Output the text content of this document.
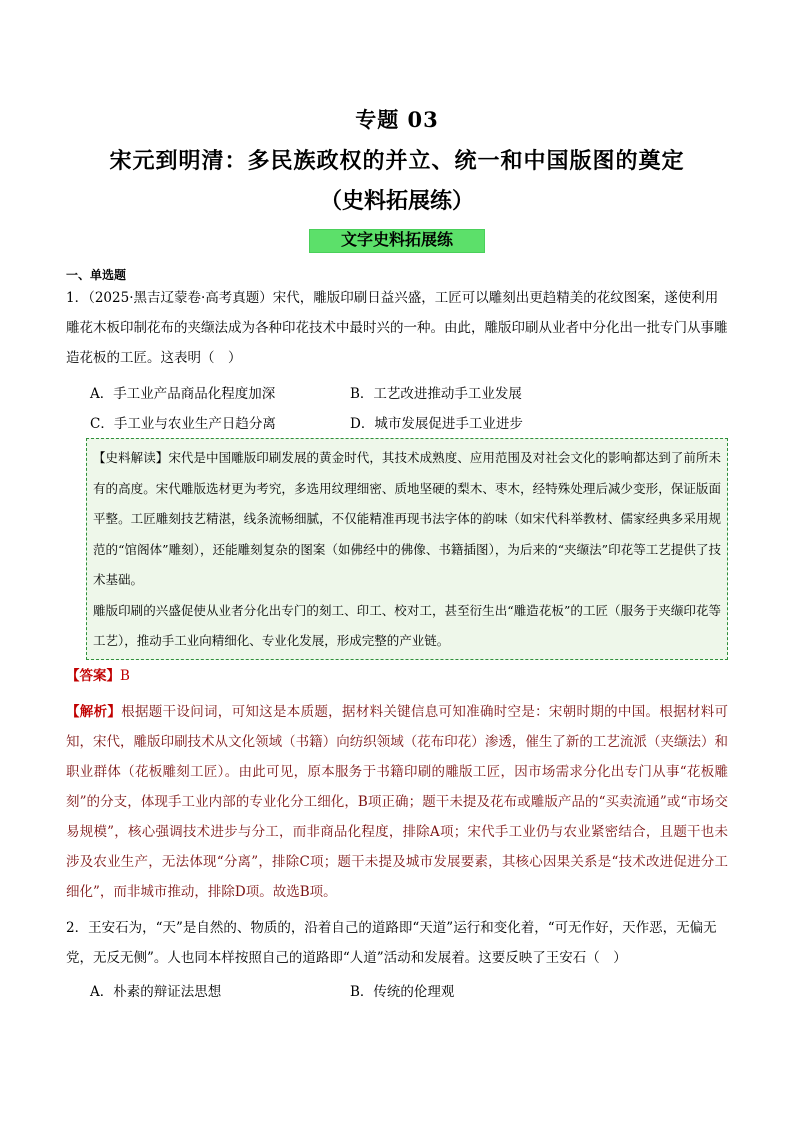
专题 03
宋元到明清：多民族政权的并立、统一和中国版图的奠定
（史料拓展练）
文字史料拓展练
一、单选题

1．（2025·黑吉辽蒙卷·高考真题）宋代，雕版印刷日益兴盛，工匠可以雕刻出更趋精美的花纹图案，遂使利用雕花木板印制花布的夹缬法成为各种印花技术中最时兴的一种。由此，雕版印刷从业者中分化出一批专门从事雕造花板的工匠。这表明（　）

A．手工业产品商品化程度加深	B．工艺改进推动手工业发展
C．手工业与农业生产日趋分离	D．城市发展促进手工业进步

【史料解读】宋代是中国雕版印刷发展的黄金时代，其技术成熟度、应用范围及对社会文化的影响都达到了前所未有的高度。宋代雕版选材更为考究，多选用纹理细密、质地坚硬的梨木、枣木，经特殊处理后减少变形，保证版面平整。工匠雕刻技艺精湛，线条流畅细腻，不仅能精准再现书法字体的韵味（如宋代科举教材、儒家经典多采用规范的“馆阁体”雕刻），还能雕刻复杂的图案（如佛经中的佛像、书籍插图），为后来的“夹缬法”印花等工艺提供了技术基础。

雕版印刷的兴盛促使从业者分化出专门的刻工、印工、校对工，甚至衍生出“雕造花板”的工匠（服务于夹缬印花等工艺），推动手工业向精细化、专业化发展，形成完整的产业链。

【答案】B

【解析】根据题干设问词，可知这是本质题，据材料关键信息可知准确时空是：宋朝时期的中国。根据材料可知，宋代，雕版印刷技术从文化领域（书籍）向纺织领域（花布印花）渗透，催生了新的工艺流派（夹缬法）和职业群体（花板雕刻工匠）。由此可见，原本服务于书籍印刷的雕版工匠，因市场需求分化出专门从事“花板雕刻”的分支，体现手工业内部的专业化分工细化，B项正确；题干未提及花布或雕版产品的“买卖流通”或“市场交易规模”，核心强调技术进步与分工，而非商品化程度，排除A项；宋代手工业仍与农业紧密结合，且题干也未涉及农业生产，无法体现“分离”，排除C项；题干未提及城市发展要素，其核心因果关系是“技术改进促进分工细化”，而非城市推动，排除D项。故选B项。

2．王安石为，“天”是自然的、物质的，沿着自己的道路即“天道”运行和变化着，“可无作好，天作恶，无偏无党，无反无侧”。人也同本样按照自己的道路即“人道”活动和发展着。这要反映了王安石（　）

A．朴素的辩证法思想	B．传统的伦理观
